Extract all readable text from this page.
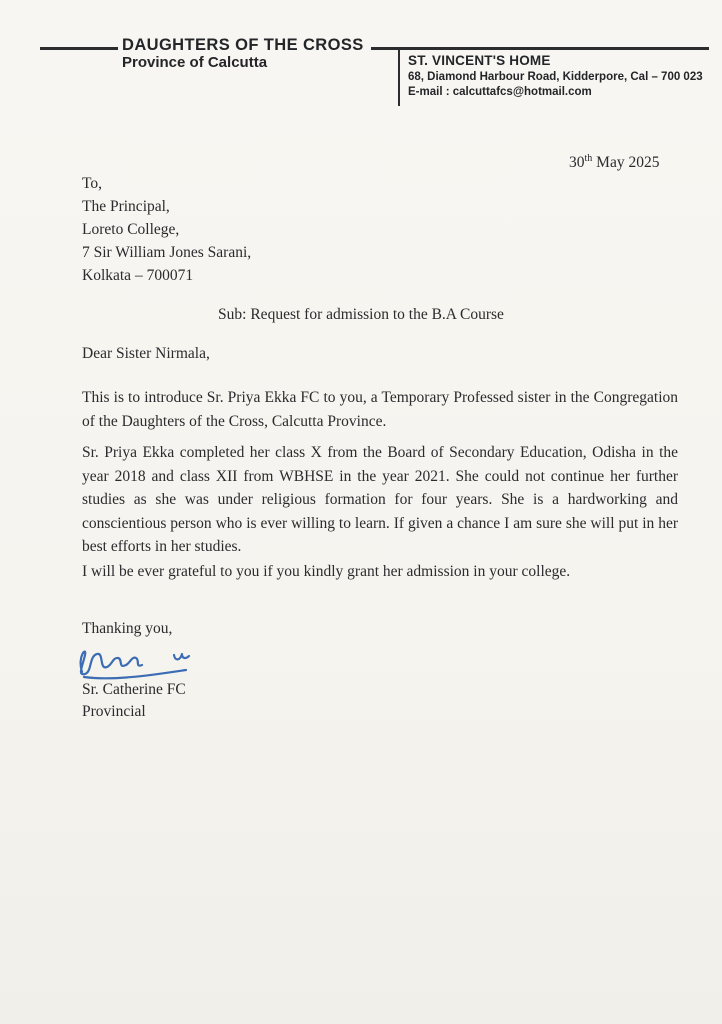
DAUGHTERS OF THE CROSS
Province of Calcutta	ST. VINCENT'S HOME
68, Diamond Harbour Road, Kidderpore, Cal – 700 023
E-mail : calcuttafcs@hotmail.com
30th May 2025
To,
The Principal,
Loreto College,
7 Sir William Jones Sarani,
Kolkata – 700071
Sub: Request for admission to the B.A Course
Dear Sister Nirmala,
This is to introduce Sr. Priya Ekka FC to you, a Temporary Professed sister in the Congregation of the Daughters of the Cross, Calcutta Province.
Sr. Priya Ekka completed her class X from the Board of Secondary Education, Odisha in the year 2018 and class XII from WBHSE in the year 2021. She could not continue her further studies as she was under religious formation for four years. She is a hardworking and conscientious person who is ever willing to learn. If given a chance I am sure she will put in her best efforts in her studies.
I will be ever grateful to you if you kindly grant her admission in your college.
Thanking you,
Sr. Catherine FC
Provincial
